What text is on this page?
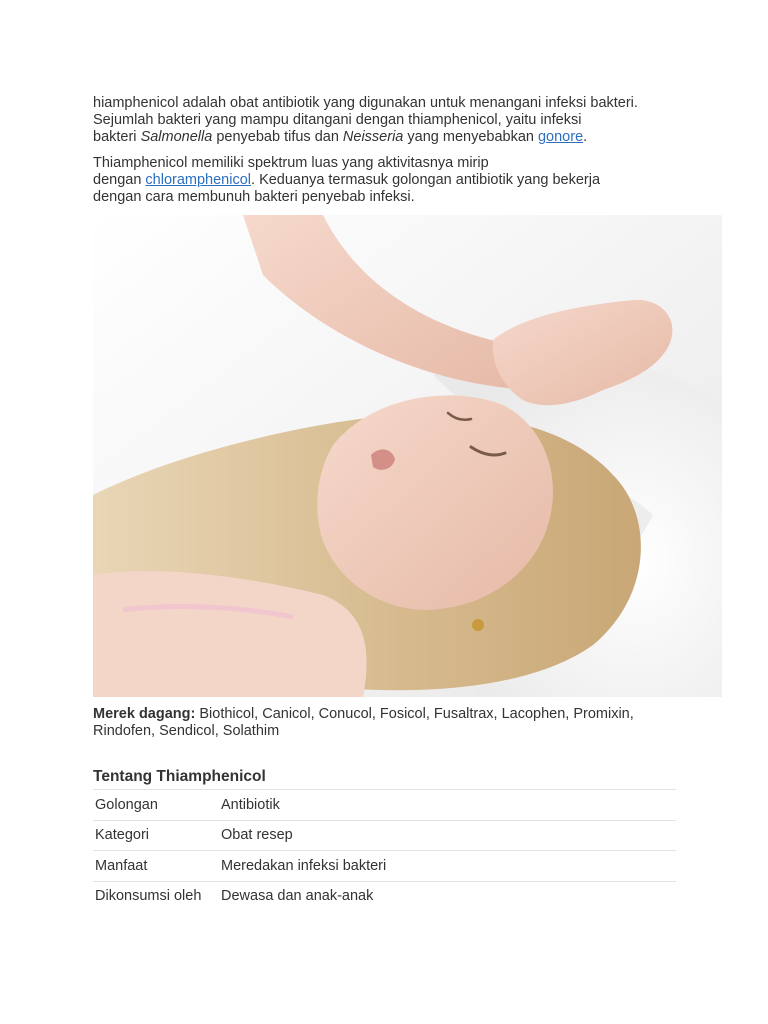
hiamphenicol adalah obat antibiotik yang digunakan untuk menangani infeksi bakteri.
Sejumlah bakteri yang mampu ditangani dengan thiamphenicol, yaitu infeksi
bakteri Salmonella penyebab tifus dan Neisseria yang menyebabkan gonore.

Thiamphenicol memiliki spektrum luas yang aktivitasnya mirip
dengan chloramphenicol. Keduanya termasuk golongan antibiotik yang bekerja
dengan cara membunuh bakteri penyebab infeksi.

Merek dagang: Biothicol, Canicol, Conucol, Fosicol, Fusaltrax, Lacophen, Promixin, Rindofen, Sendicol, Solathim

Tentang Thiamphenicol
Golongan	Antibiotik
Kategori	Obat resep
Manfaat	Meredakan infeksi bakteri
Dikonsumsi oleh	Dewasa dan anak-anak
